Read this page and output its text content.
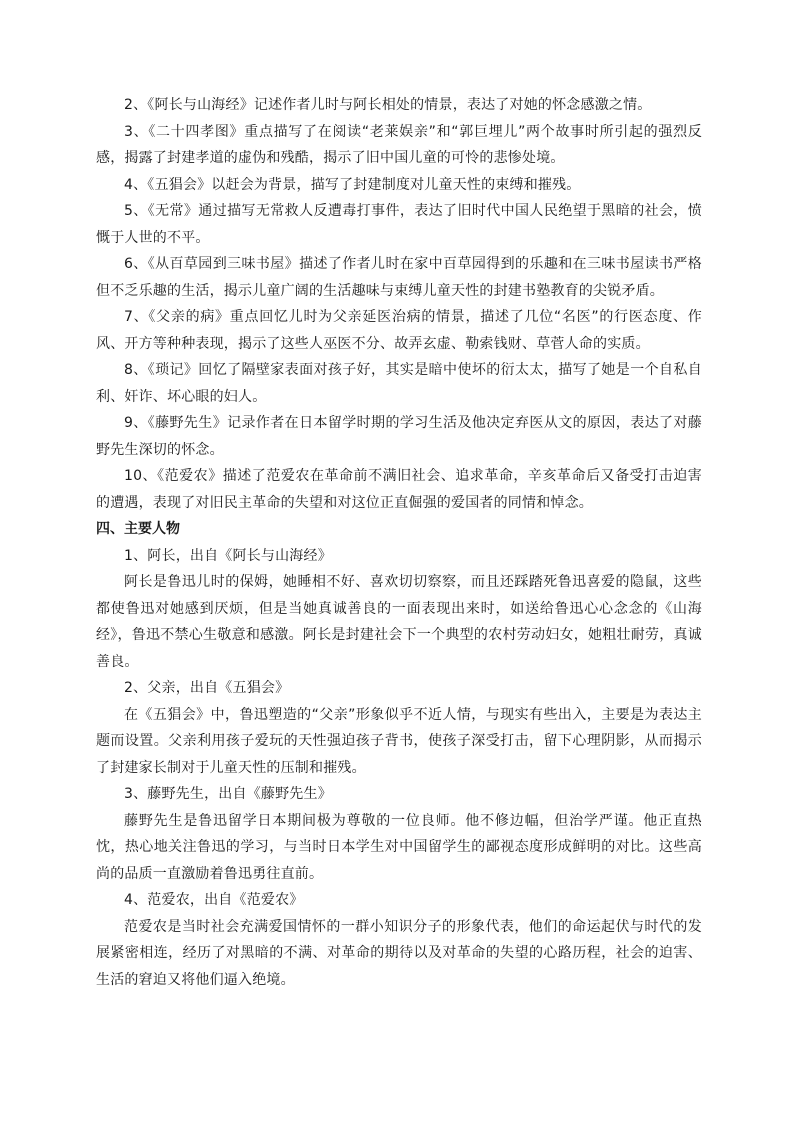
2、《阿长与山海经》记述作者儿时与阿长相处的情景，表达了对她的怀念感激之情。

3、《二十四孝图》重点描写了在阅读“老莱娱亲”和“郭巨埋儿”两个故事时所引起的强烈反感，揭露了封建孝道的虚伪和残酷，揭示了旧中国儿童的可怜的悲惨处境。

4、《五猖会》以赶会为背景，描写了封建制度对儿童天性的束缚和摧残。

5、《无常》通过描写无常救人反遭毒打事件，表达了旧时代中国人民绝望于黑暗的社会，愤慨于人世的不平。

6、《从百草园到三味书屋》描述了作者儿时在家中百草园得到的乐趣和在三味书屋读书严格但不乏乐趣的生活，揭示儿童广阔的生活趣味与束缚儿童天性的封建书塾教育的尖锐矛盾。

7、《父亲的病》重点回忆儿时为父亲延医治病的情景，描述了几位“名医”的行医态度、作风、开方等种种表现，揭示了这些人巫医不分、故弄玄虚、勒索钱财、草菅人命的实质。

8、《琐记》回忆了隔壁家表面对孩子好，其实是暗中使坏的衍太太，描写了她是一个自私自利、奸诈、坏心眼的妇人。

9、《藤野先生》记录作者在日本留学时期的学习生活及他决定弃医从文的原因，表达了对藤野先生深切的怀念。

10、《范爱农》描述了范爱农在革命前不满旧社会、追求革命，辛亥革命后又备受打击迫害的遭遇，表现了对旧民主革命的失望和对这位正直倔强的爱国者的同情和悼念。

四、主要人物

1、阿长，出自《阿长与山海经》

阿长是鲁迅儿时的保姆，她睡相不好、喜欢切切察察，而且还踩踏死鲁迅喜爱的隐鼠，这些都使鲁迅对她感到厌烦，但是当她真诚善良的一面表现出来时，如送给鲁迅心心念念的《山海经》，鲁迅不禁心生敬意和感激。阿长是封建社会下一个典型的农村劳动妇女，她粗壮耐劳，真诚善良。

2、父亲，出自《五猖会》

在《五猖会》中，鲁迅塑造的“父亲”形象似乎不近人情，与现实有些出入，主要是为表达主题而设置。父亲利用孩子爱玩的天性强迫孩子背书，使孩子深受打击，留下心理阴影，从而揭示了封建家长制对于儿童天性的压制和摧残。

3、藤野先生，出自《藤野先生》

藤野先生是鲁迅留学日本期间极为尊敬的一位良师。他不修边幅，但治学严谨。他正直热忱，热心地关注鲁迅的学习，与当时日本学生对中国留学生的鄙视态度形成鲜明的对比。这些高尚的品质一直激励着鲁迅勇往直前。

4、范爱农，出自《范爱农》

范爱农是当时社会充满爱国情怀的一群小知识分子的形象代表，他们的命运起伏与时代的发展紧密相连，经历了对黑暗的不满、对革命的期待以及对革命的失望的心路历程，社会的迫害、生活的窘迫又将他们逼入绝境。
